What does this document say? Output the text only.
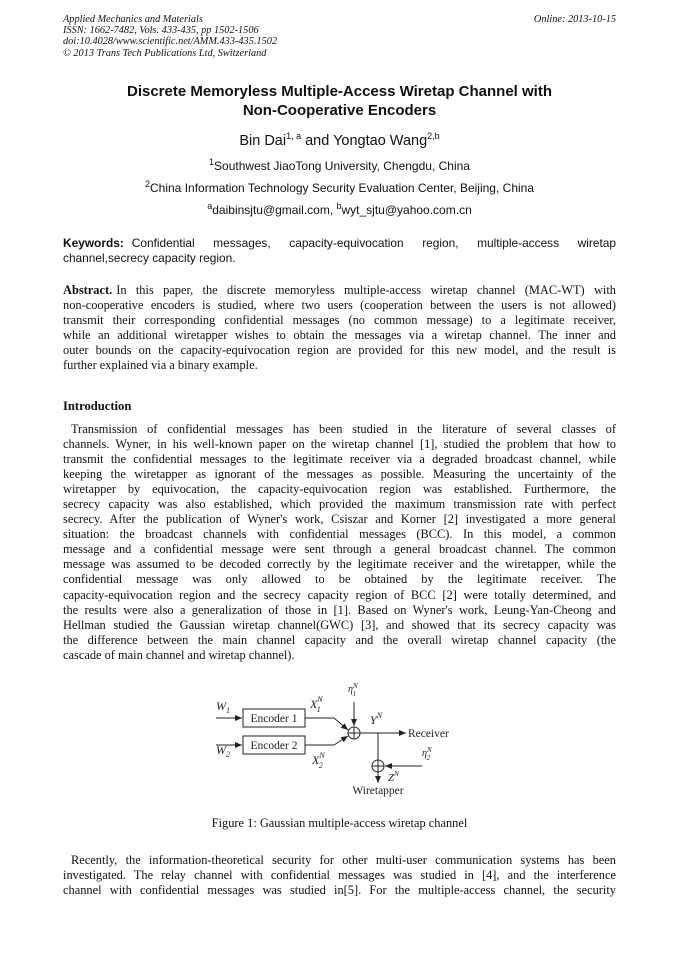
Applied Mechanics and Materials
ISSN: 1662-7482, Vols. 433-435, pp 1502-1506
doi:10.4028/www.scientific.net/AMM.433-435.1502
© 2013 Trans Tech Publications Ltd, Switzerland
Online: 2013-10-15
Discrete Memoryless Multiple-Access Wiretap Channel with
Non-Cooperative Encoders
Bin Dai$^{1, a}$ and Yongtao Wang$^{2,b}$
$^1$Southwest JiaoTong University, Chengdu, China
$^2$China Information Technology Security Evaluation Center, Beijing, China
$^a$daibinsjtu@gmail.com, $^b$wyt_sjtu@yahoo.com.cn
Keywords: Confidential messages, capacity-equivocation region, multiple-access wiretap
channel,secrecy capacity region.
Abstract. In this paper, the discrete memoryless multiple-access wiretap channel (MAC-WT) with
non-cooperative encoders is studied, where two users (cooperation between the users is not allowed)
transmit their corresponding confidential messages (no common message) to a legitimate receiver,
while an additional wiretapper wishes to obtain the messages via a wiretap channel. The inner and
outer bounds on the capacity-equivocation region are provided for this new model, and the result is
further explained via a binary example.
Introduction
Transmission of confidential messages has been studied in the literature of several classes of
channels. Wyner, in his well-known paper on the wiretap channel [1], studied the problem that how to
transmit the confidential messages to the legitimate receiver via a degraded broadcast channel, while
keeping the wiretapper as ignorant of the messages as possible. Measuring the uncertainty of the
wiretapper by equivocation, the capacity-equivocation region was established. Furthermore, the
secrecy capacity was also established, which provided the maximum transmission rate with perfect
secrecy. After the publication of Wyner's work, Csiszar and Korner [2] investigated a more general
situation: the broadcast channels with confidential messages (BCC). In this model, a common
message and a confidential message were sent through a general broadcast channel. The common
message was assumed to be decoded correctly by the legitimate receiver and the wiretapper, while the
confidential message was only allowed to be obtained by the legitimate receiver. The
capacity-equivocation region and the secrecy capacity region of BCC [2] were totally determined, and
the results were also a generalization of those in [1]. Based on Wyner's work, Leung-Yan-Cheong and
Hellman studied the Gaussian wiretap channel(GWC) [3], and showed that its secrecy capacity was
the difference between the main channel capacity and the overall wiretap channel capacity (the
cascade of main channel and wiretap channel).
$W_1$
Encoder 1
$W_2$
Encoder 2
$X^N$ 1
$X^N$ 2
$\eta^N$ 1
$Y^N$
Receiver
$\eta^N$ 2
$Z^N$
Wiretapper
Figure 1: Gaussian multiple-access wiretap channel
Recently, the information-theoretical security for other multi-user communication systems has been
investigated. The relay channel with confidential messages was studied in [4], and the interference
channel with confidential messages was studied in[5]. For the multiple-access channel, the security
